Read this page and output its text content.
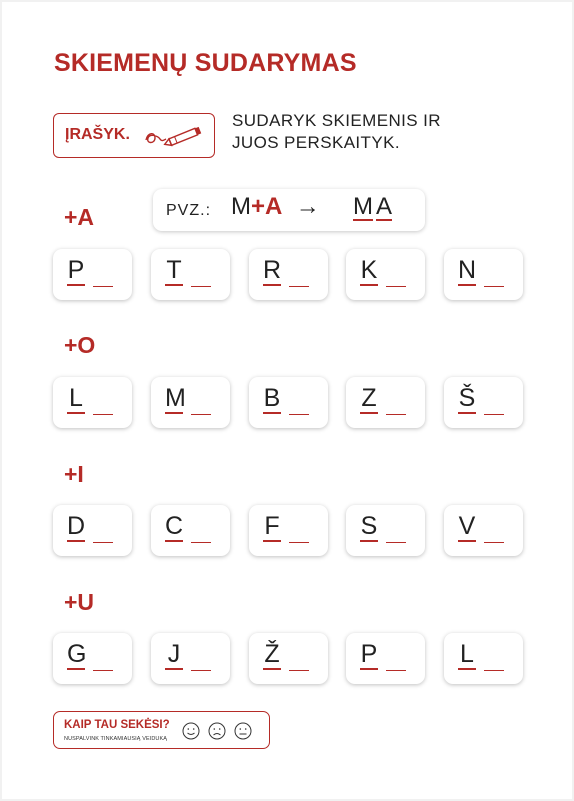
SKIEMENŲ SUDARYMAS
ĮRAŠYK.
SUDARYK SKIEMENIS IR
JUOS PERSKAITYK.
PVZ.: M+A → M A
+A
P	T	R	K	N
+O
L	M	B	Z	Š
+I
D	C	F	S	V
+U
G	J	Ž	P	L
KAIP TAU SEKĖSI?
NUSPALVINK TINKAMIAUSIĄ VEIDUKĄ
